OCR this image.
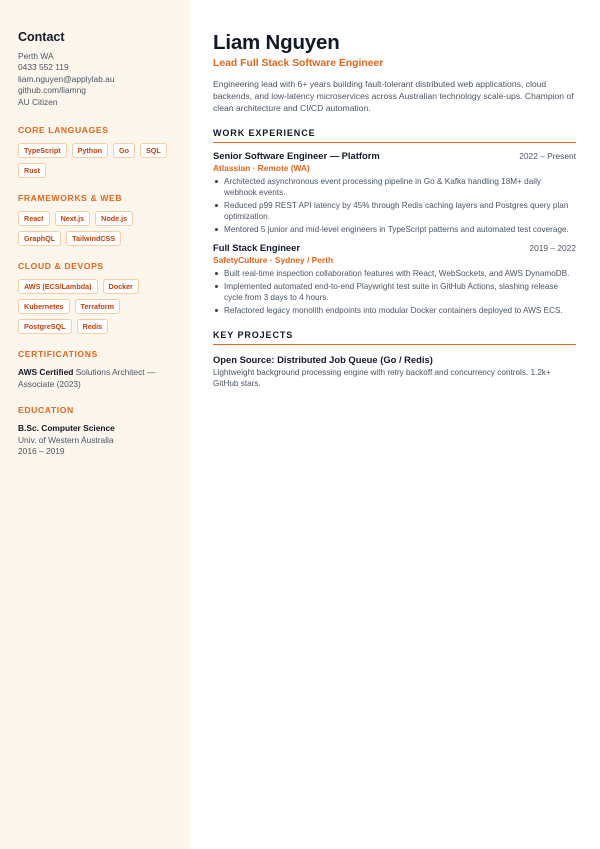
Contact
Perth WA
0433 552 119
liam.nguyen@applylab.au
github.com/liamng
AU Citizen
CORE LANGUAGES
TypeScript	Python	Go	SQL
Rust
FRAMEWORKS & WEB
React	Next.js	Node.js
GraphQL	TailwindCSS
CLOUD & DEVOPS
AWS (ECS/Lambda)	Docker
Kubernetes	Terraform
PostgreSQL	Redis
CERTIFICATIONS
AWS Certified Solutions Architect — Associate (2023)
EDUCATION
B.Sc. Computer Science
Univ. of Western Australia
2016 – 2019
Liam Nguyen
Lead Full Stack Software Engineer

Engineering lead with 6+ years building fault-tolerant distributed web applications, cloud backends, and low-latency microservices across Australian technology scale-ups. Champion of clean architecture and CI/CD automation.

WORK EXPERIENCE
Senior Software Engineer — Platform	2022 – Present
Atlassian · Remote (WA)
Architected asynchronous event processing pipeline in Go & Kafka handling 18M+ daily webhook events.
Reduced p99 REST API latency by 45% through Redis caching layers and Postgres query plan optimization.
Mentored 5 junior and mid-level engineers in TypeScript patterns and automated test coverage.
Full Stack Engineer	2019 – 2022
SafetyCulture · Sydney / Perth
Built real-time inspection collaboration features with React, WebSockets, and AWS DynamoDB.
Implemented automated end-to-end Playwright test suite in GitHub Actions, slashing release cycle from 3 days to 4 hours.
Refactored legacy monolith endpoints into modular Docker containers deployed to AWS ECS.
KEY PROJECTS
Open Source: Distributed Job Queue (Go / Redis)

Lightweight background processing engine with retry backoff and concurrency controls. 1.2k+ GitHub stars.
